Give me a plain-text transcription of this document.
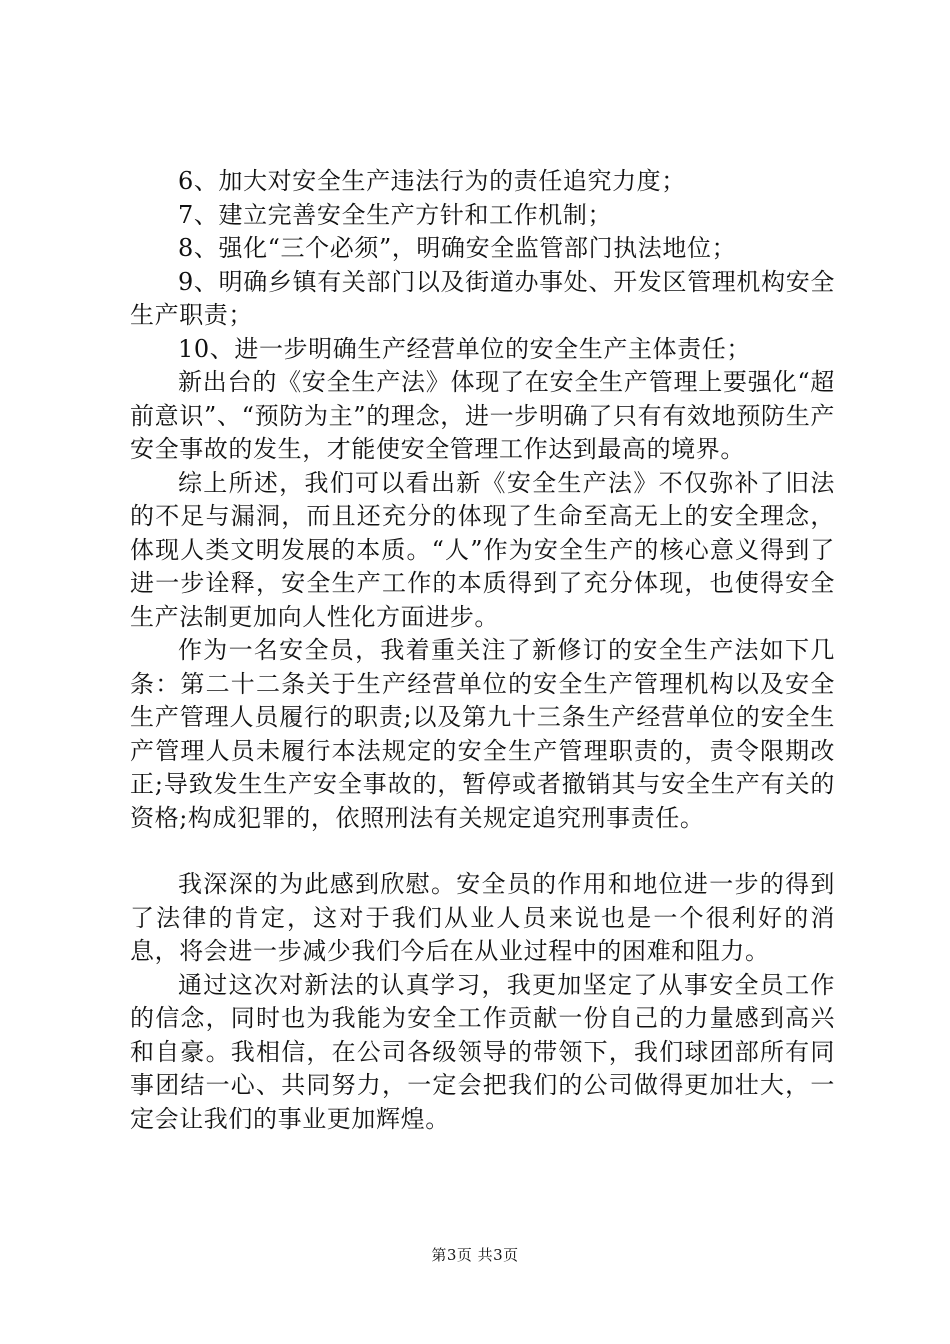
6、加大对安全生产违法行为的责任追究力度；

7、建立完善安全生产方针和工作机制；

8、强化“三个必须”，明确安全监管部门执法地位；

9、明确乡镇有关部门以及街道办事处、开发区管理机构安全生产职责；

10、进一步明确生产经营单位的安全生产主体责任；

新出台的《安全生产法》体现了在安全生产管理上要强化“超前意识”、“预防为主”的理念，进一步明确了只有有效地预防生产安全事故的发生，才能使安全管理工作达到最高的境界。

综上所述，我们可以看出新《安全生产法》不仅弥补了旧法的不足与漏洞，而且还充分的体现了生命至高无上的安全理念，体现人类文明发展的本质。“人”作为安全生产的核心意义得到了进一步诠释，安全生产工作的本质得到了充分体现，也使得安全生产法制更加向人性化方面进步。

作为一名安全员，我着重关注了新修订的安全生产法如下几条：第二十二条关于生产经营单位的安全生产管理机构以及安全生产管理人员履行的职责;以及第九十三条生产经营单位的安全生产管理人员未履行本法规定的安全生产管理职责的，责令限期改正;导致发生生产安全事故的，暂停或者撤销其与安全生产有关的资格;构成犯罪的，依照刑法有关规定追究刑事责任。

我深深的为此感到欣慰。安全员的作用和地位进一步的得到了法律的肯定，这对于我们从业人员来说也是一个很利好的消息，将会进一步减少我们今后在从业过程中的困难和阻力。

通过这次对新法的认真学习，我更加坚定了从事安全员工作的信念，同时也为我能为安全工作贡献一份自己的力量感到高兴和自豪。我相信，在公司各级领导的带领下，我们球团部所有同事团结一心、共同努力，一定会把我们的公司做得更加壮大，一定会让我们的事业更加辉煌。

第3页 共3页
